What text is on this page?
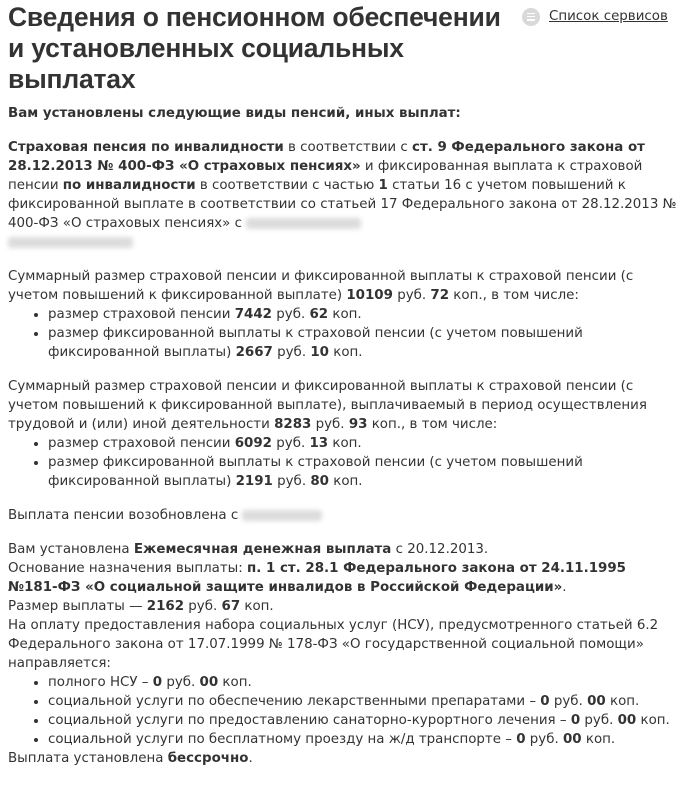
Сведения о пенсионном обеспечении и установленных социальных выплатах
Список сервисов

Вам установлены следующие виды пенсий, иных выплат:

Страховая пенсия по инвалидности в соответствии с ст. 9 Федерального закона от 28.12.2013 № 400-ФЗ «О страховых пенсиях» и фиксированная выплата к страховой пенсии по инвалидности в соответствии с частью 1 статьи 16 с учетом повышений к фиксированной выплате в соответствии со статьей 17 Федерального закона от 28.12.2013 № 400-ФЗ «О страховых пенсиях» с

Суммарный размер страховой пенсии и фиксированной выплаты к страховой пенсии (с учетом повышений к фиксированной выплате) 10109 руб. 72 коп., в том числе:

• размер страховой пенсии 7442 руб. 62 коп.
• размер фиксированной выплаты к страховой пенсии (с учетом повышений фиксированной выплаты) 2667 руб. 10 коп.

Суммарный размер страховой пенсии и фиксированной выплаты к страховой пенсии (с учетом повышений к фиксированной выплате), выплачиваемый в период осуществления трудовой и (или) иной деятельности 8283 руб. 93 коп., в том числе:

• размер страховой пенсии 6092 руб. 13 коп.
• размер фиксированной выплаты к страховой пенсии (с учетом повышений фиксированной выплаты) 2191 руб. 80 коп.

Выплата пенсии возобновлена с

Вам установлена Ежемесячная денежная выплата с 20.12.2013.

Основание назначения выплаты: п. 1 ст. 28.1 Федерального закона от 24.11.1995 №181-ФЗ «О социальной защите инвалидов в Российской Федерации».

Размер выплаты — 2162 руб. 67 коп.

На оплату предоставления набора социальных услуг (НСУ), предусмотренного статьей 6.2 Федерального закона от 17.07.1999 № 178-ФЗ «О государственной социальной помощи» направляется:

• полного НСУ – 0 руб. 00 коп.
• социальной услуги по обеспечению лекарственными препаратами – 0 руб. 00 коп.
• социальной услуги по предоставлению санаторно-курортного лечения – 0 руб. 00 коп.
• социальной услуги по бесплатному проезду на ж/д транспорте – 0 руб. 00 коп.

Выплата установлена бессрочно.
